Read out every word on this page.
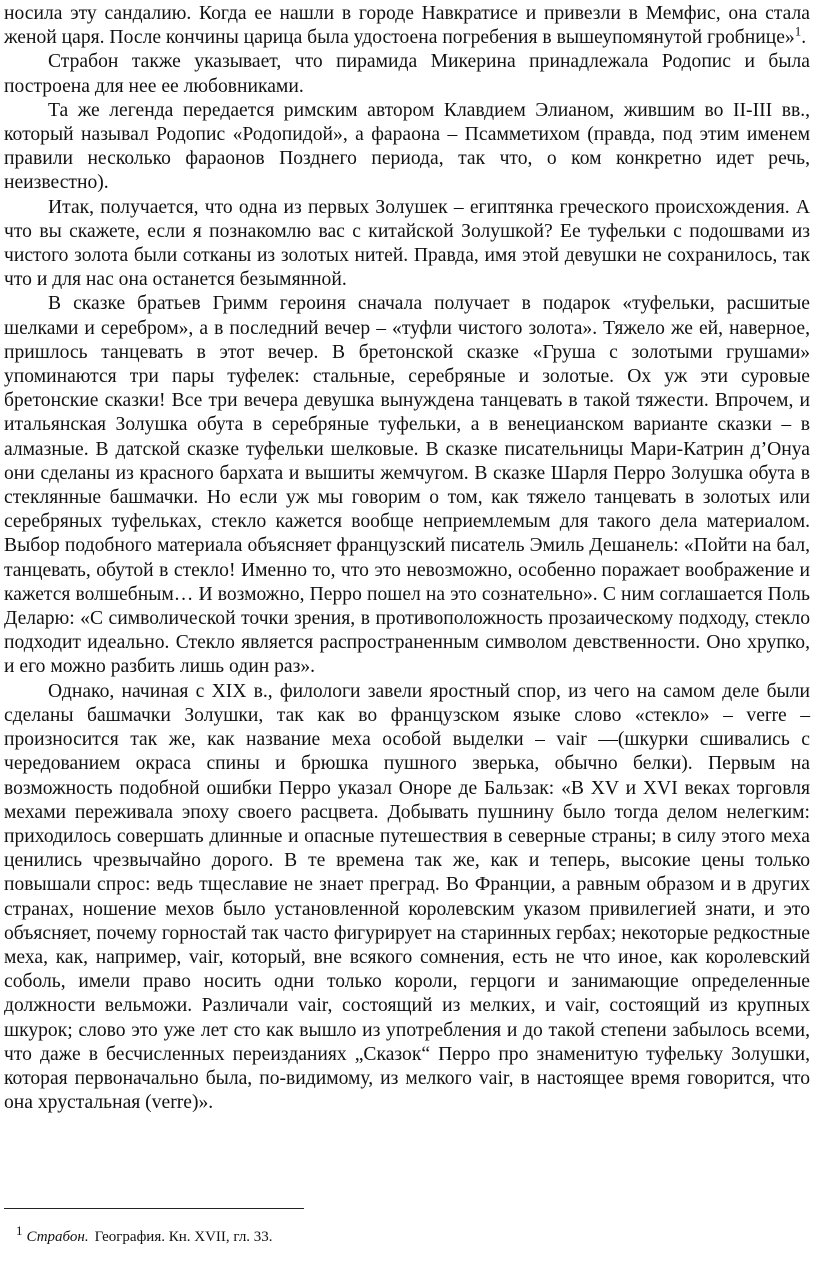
носила эту сандалию. Когда ее нашли в городе Навкратисе и привезли в Мемфис, она стала женой царя. После кончины царица была удостоена погребения в вышеупомянутой гробнице»$^1$.

Страбон также указывает, что пирамида Микерина принадлежала Родопис и была построена для нее ее любовниками.

Та же легенда передается римским автором Клавдием Элианом, жившим во II-III вв., который называл Родопис «Родопидой», а фараона – Псамметихом (правда, под этим именем правили несколько фараонов Позднего периода, так что, о ком конкретно идет речь, неизвестно).

Итак, получается, что одна из первых Золушек – египтянка греческого происхождения. А что вы скажете, если я познакомлю вас с китайской Золушкой? Ее туфельки с подошвами из чистого золота были сотканы из золотых нитей. Правда, имя этой девушки не сохранилось, так что и для нас она останется безымянной.

В сказке братьев Гримм героиня сначала получает в подарок «туфельки, расшитые шелками и серебром», а в последний вечер – «туфли чистого золота». Тяжело же ей, наверное, пришлось танцевать в этот вечер. В бретонской сказке «Груша с золотыми грушами» упоминаются три пары туфелек: стальные, серебряные и золотые. Ох уж эти суровые бретонские сказки! Все три вечера девушка вынуждена танцевать в такой тяжести. Впрочем, и итальянская Золушка обута в серебряные туфельки, а в венецианском варианте сказки – в алмазные. В датской сказке туфельки шелковые. В сказке писательницы Мари-Катрин д’Онуа они сделаны из красного бархата и вышиты жемчугом. В сказке Шарля Перро Золушка обута в стеклянные башмачки. Но если уж мы говорим о том, как тяжело танцевать в золотых или серебряных туфельках, стекло кажется вообще неприемлемым для такого дела материалом. Выбор подобного материала объясняет французский писатель Эмиль Дешанель: «Пойти на бал, танцевать, обутой в стекло! Именно то, что это невозможно, особенно поражает воображение и кажется волшебным… И возможно, Перро пошел на это сознательно». С ним соглашается Поль Деларю: «С символической точки зрения, в противоположность прозаическому подходу, стекло подходит идеально. Стекло является распространенным символом девственности. Оно хрупко, и его можно разбить лишь один раз».

Однако, начиная с XIX в., филологи завели яростный спор, из чего на самом деле были сделаны башмачки Золушки, так как во французском языке слово «стекло» – verre – произносится так же, как название меха особой выделки – vair —(шкурки сшивались с чередованием окраса спины и брюшка пушного зверька, обычно белки). Первым на возможность подобной ошибки Перро указал Оноре де Бальзак: «В XV и XVI веках торговля мехами переживала эпоху своего расцвета. Добывать пушнину было тогда делом нелегким: приходилось совершать длинные и опасные путешествия в северные страны; в силу этого меха ценились чрезвычайно дорого. В те времена так же, как и теперь, высокие цены только повышали спрос: ведь тщеславие не знает преград. Во Франции, а равным образом и в других странах, ношение мехов было установленной королевским указом привилегией знати, и это объясняет, почему горностай так часто фигурирует на старинных гербах; некоторые редкостные меха, как, например, vair, который, вне всякого сомнения, есть не что иное, как королевский соболь, имели право носить одни только короли, герцоги и занимающие определенные должности вельможи. Различали vair, состоящий из мелких, и vair, состоящий из крупных шкурок; слово это уже лет сто как вышло из употребления и до такой степени забылось всеми, что даже в бесчисленных переизданиях „Сказок“ Перро про знаменитую туфельку Золушки, которая первоначально была, по-видимому, из мелкого vair, в настоящее время говорится, что она хрустальная (verre)».

1 Страбон. География. Кн. XVII, гл. 33.
